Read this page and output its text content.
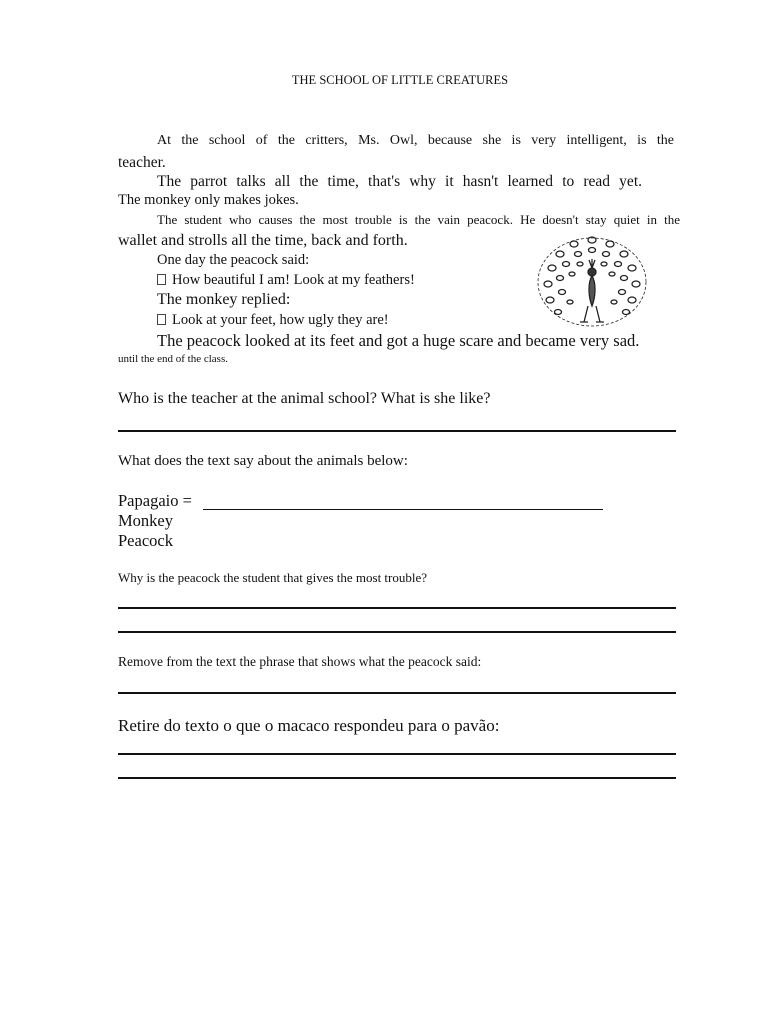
THE SCHOOL OF LITTLE CREATURES
At the school of the critters, Ms. Owl, because she is very intelligent, is the
teacher.
The parrot talks all the time, that's why it hasn't learned to read yet.
The monkey only makes jokes.
The student who causes the most trouble is the vain peacock. He doesn't stay quiet in the
wallet and strolls all the time, back and forth.
One day the peacock said:
How beautiful I am! Look at my feathers!
The monkey replied:
Look at your feet, how ugly they are!
The peacock looked at its feet and got a huge scare and became very sad.
until the end of the class.
Who is the teacher at the animal school? What is she like?
What does the text say about the animals below:
Papagaio =
Monkey
Peacock
Why is the peacock the student that gives the most trouble?
Remove from the text the phrase that shows what the peacock said:
Retire do texto o que o macaco respondeu para o pavão:
